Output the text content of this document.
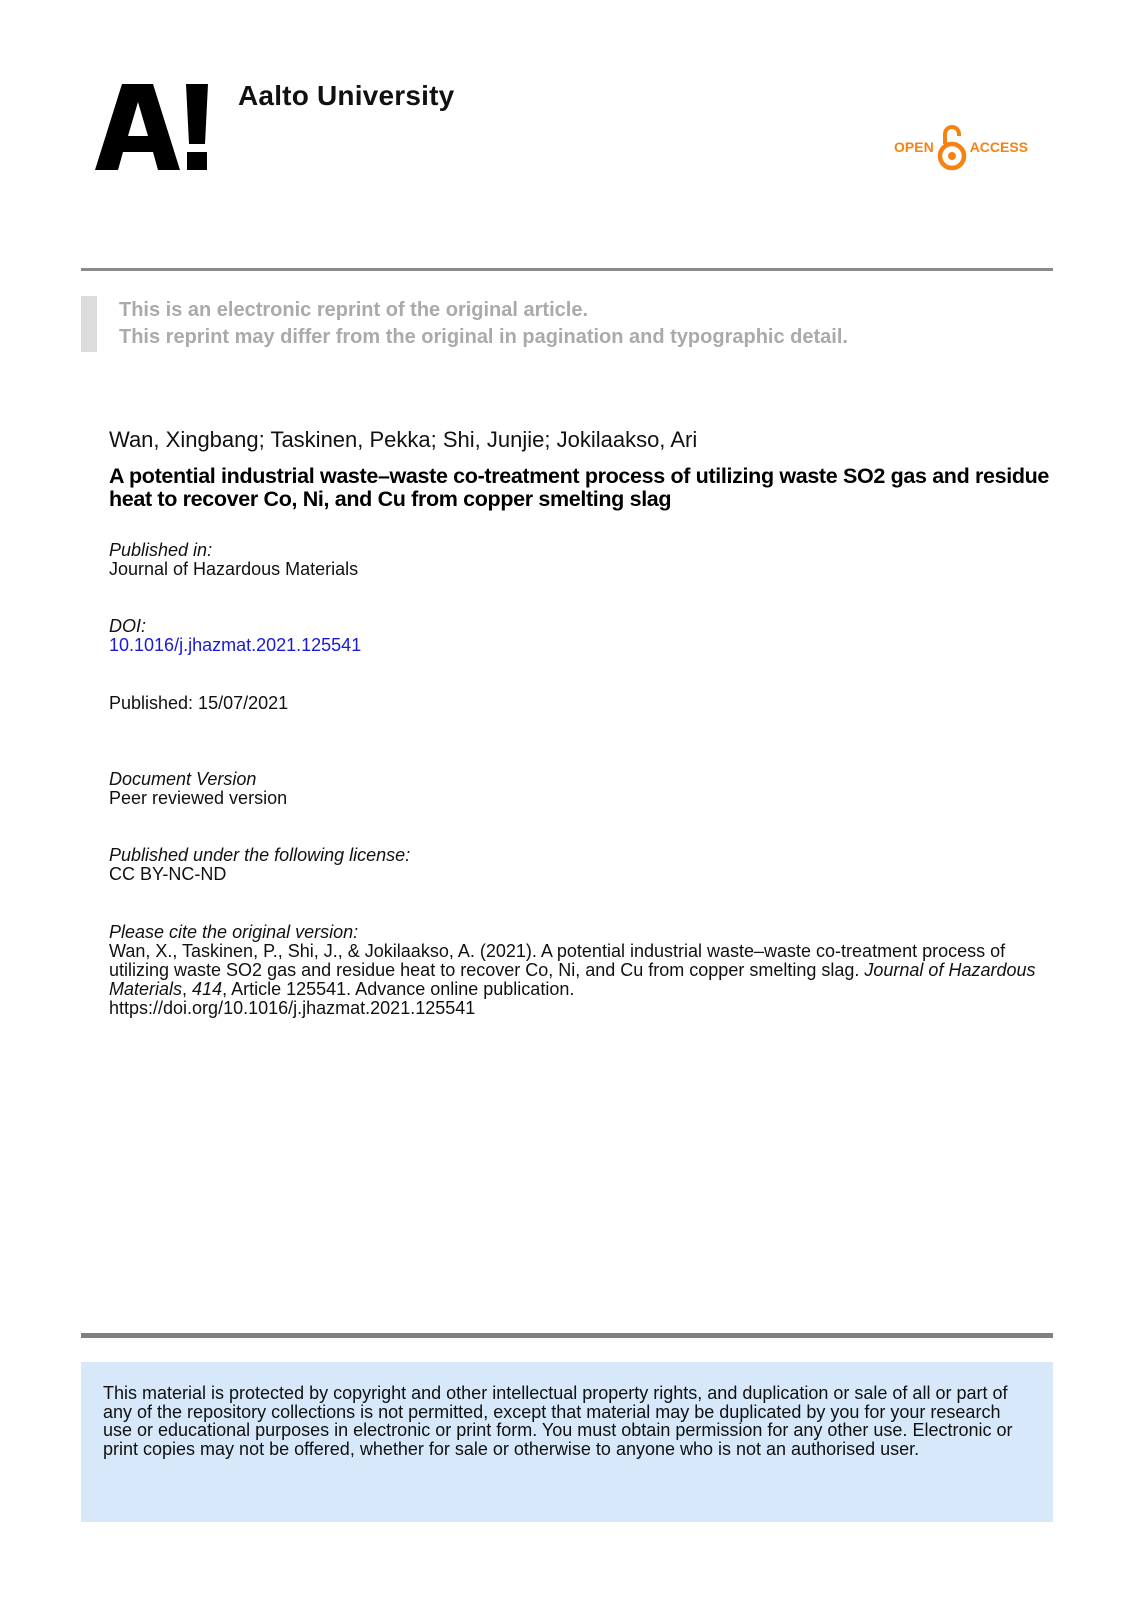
Aalto University
OPEN	ACCESS
This is an electronic reprint of the original article.
This reprint may differ from the original in pagination and typographic detail.
Wan, Xingbang; Taskinen, Pekka; Shi, Junjie; Jokilaakso, Ari
A potential industrial waste–waste co-treatment process of utilizing waste SO2 gas and residue heat to recover Co, Ni, and Cu from copper smelting slag
Published in:
Journal of Hazardous Materials
DOI:
10.1016/j.jhazmat.2021.125541
Published: 15/07/2021
Document Version
Peer reviewed version
Published under the following license:
CC BY-NC-ND
Please cite the original version:
Wan, X., Taskinen, P., Shi, J., & Jokilaakso, A. (2021). A potential industrial waste–waste co-treatment process of utilizing waste SO2 gas and residue heat to recover Co, Ni, and Cu from copper smelting slag. Journal of Hazardous Materials, 414, Article 125541. Advance online publication.
https://doi.org/10.1016/j.jhazmat.2021.125541
This material is protected by copyright and other intellectual property rights, and duplication or sale of all or part of any of the repository collections is not permitted, except that material may be duplicated by you for your research use or educational purposes in electronic or print form. You must obtain permission for any other use. Electronic or print copies may not be offered, whether for sale or otherwise to anyone who is not an authorised user.
